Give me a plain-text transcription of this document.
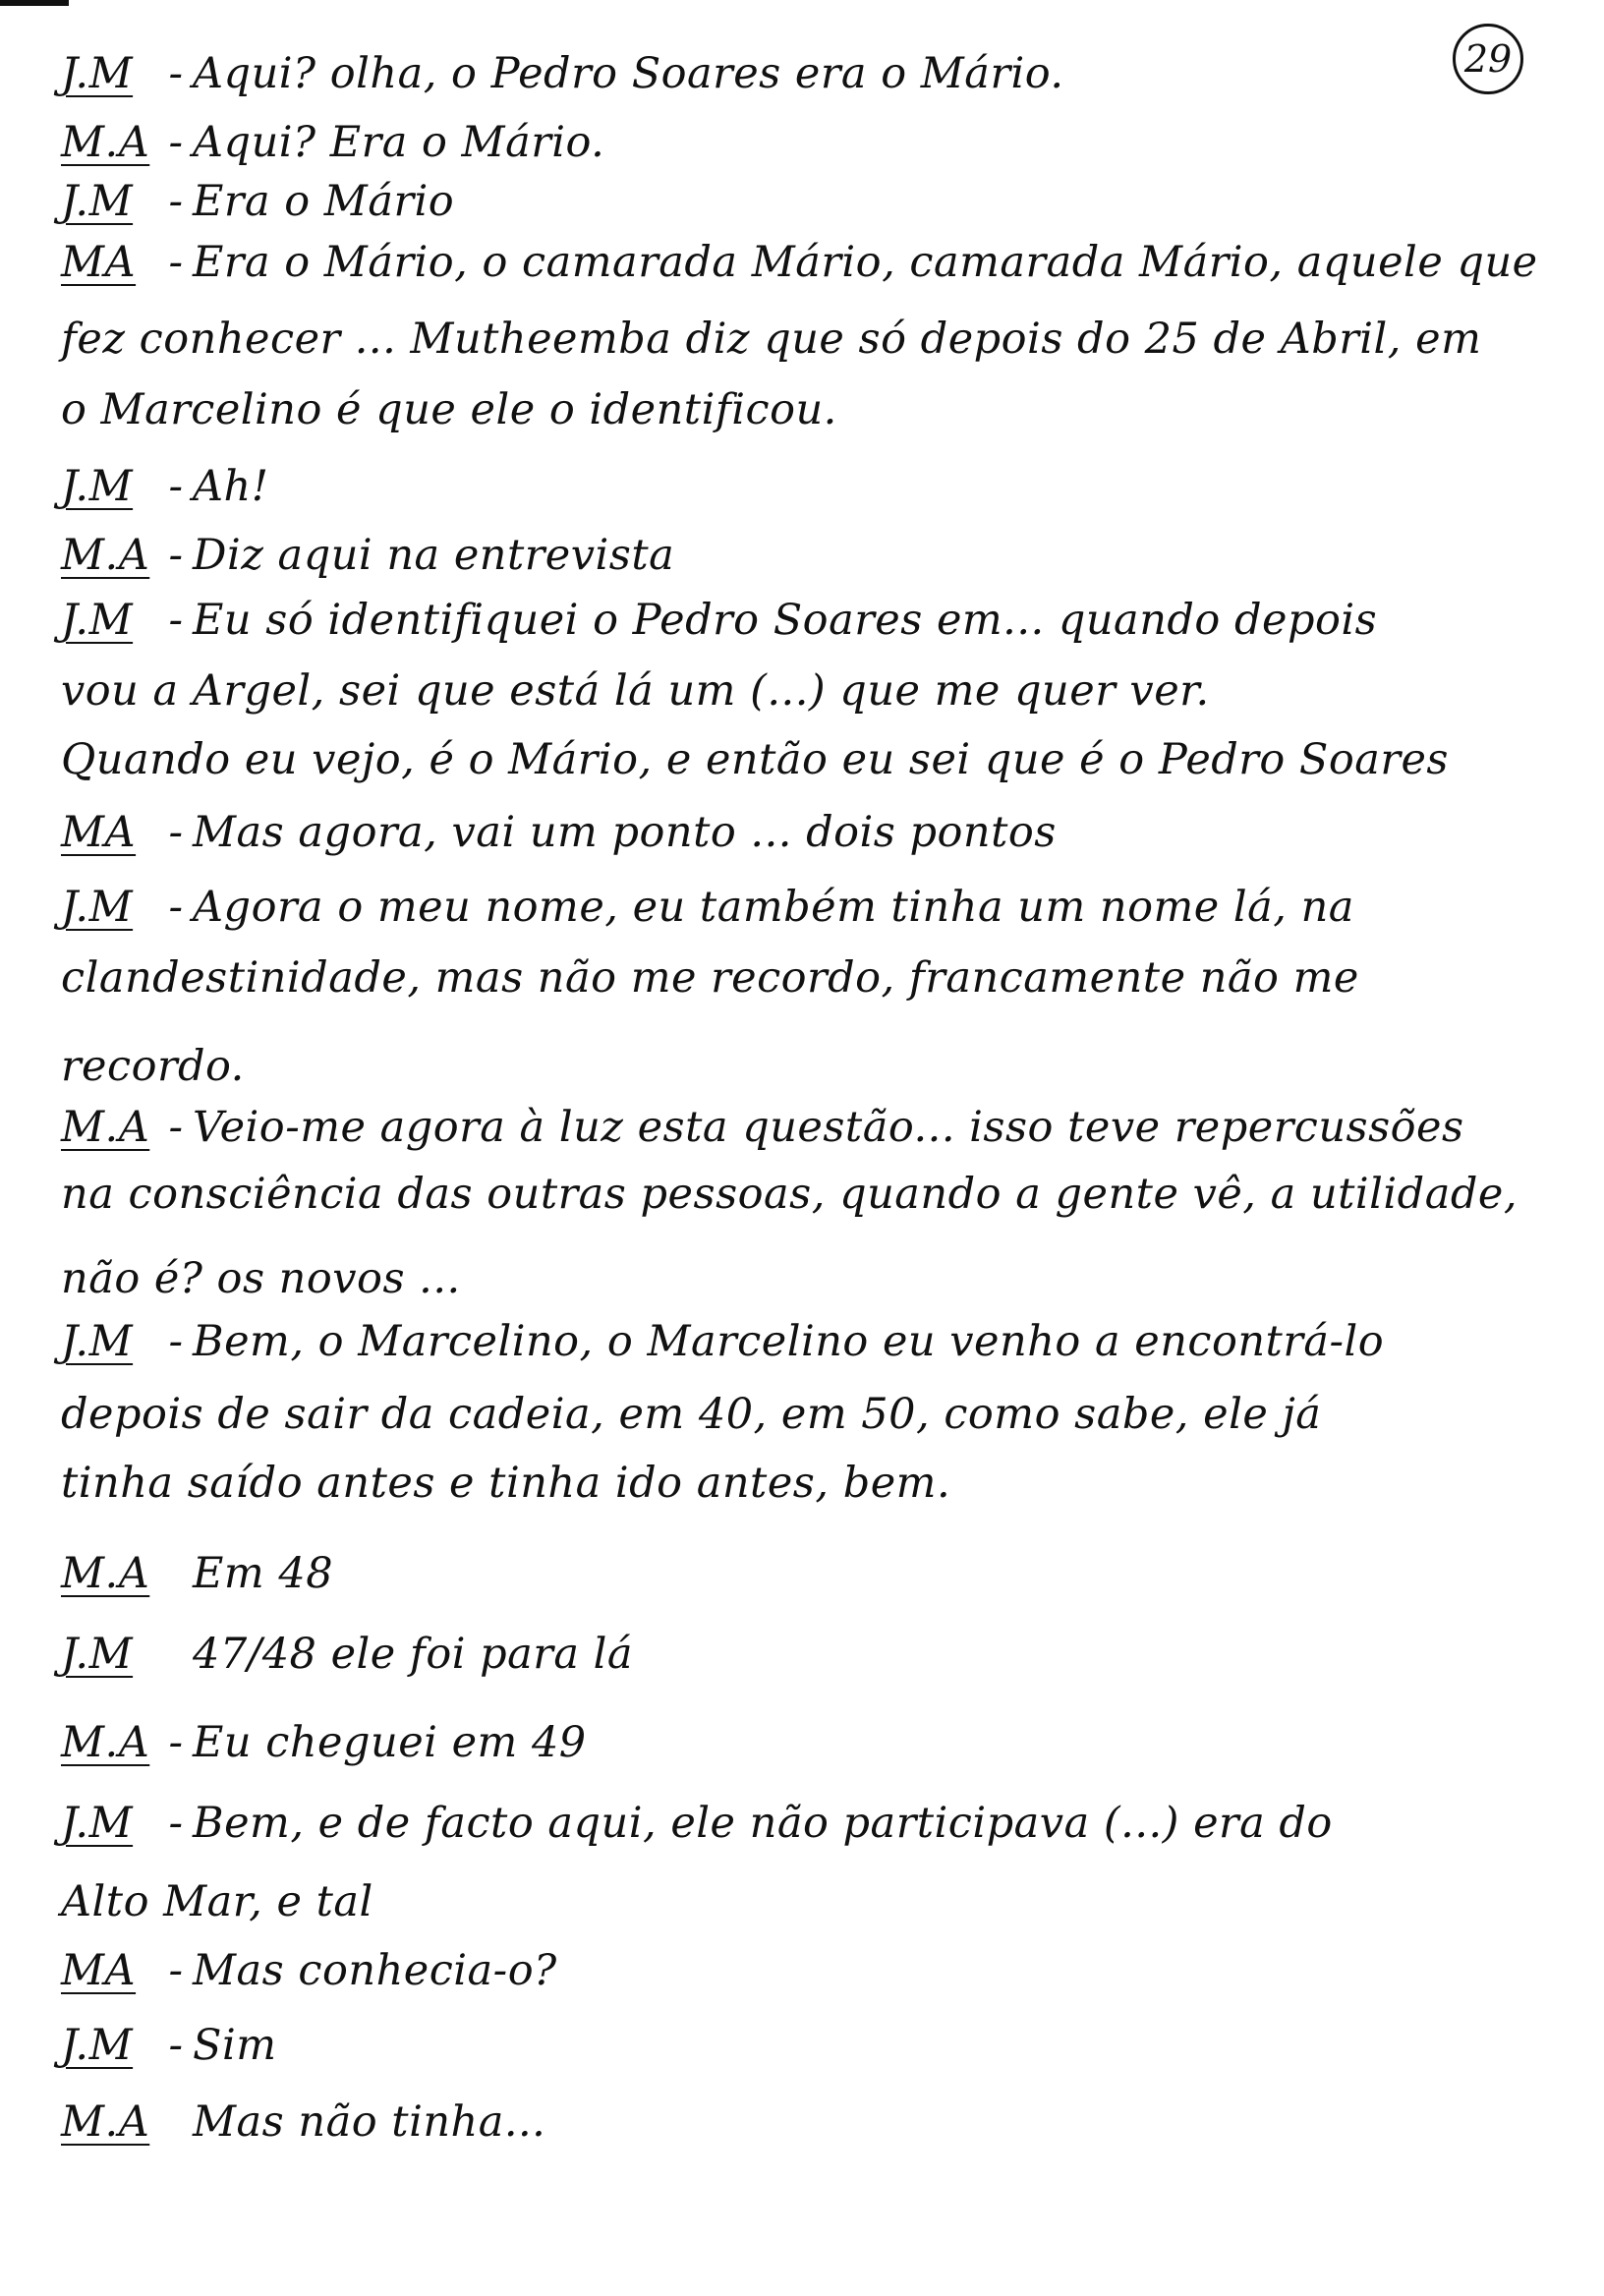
29
J.M - Aqui? olha, o Pedro Soares era o Mário.
M.A - Aqui? Era o Mário.
J.M - Era o Mário
MA - Era o Mário, o camarada Mário, camarada Mário, aquele que
fez conhecer ... Mutheemba diz que só depois do 25 de Abril, em
o Marcelino é que ele o identificou.
J.M - Ah!
M.A - Diz aqui na entrevista
J.M - Eu só identifiquei o Pedro Soares em... quando depois
vou a Argel, sei que está lá um (...) que me quer ver.
Quando eu vejo, é o Mário, e então eu sei que é o Pedro Soares
MA - Mas agora, vai um ponto ... dois pontos
J.M - Agora o meu nome, eu também tinha um nome lá, na
clandestinidade, mas não me recordo, francamente não me
recordo.
M.A - Veio-me agora à luz esta questão... isso teve repercussões
na consciência das outras pessoas, quando a gente vê, a utilidade,
não é? os novos ...
J.M - Bem, o Marcelino, o Marcelino eu venho a encontrá-lo
depois de sair da cadeia, em 40, em 50, como sabe, ele já
tinha saído antes e tinha ido antes, bem.
M.A Em 48
J.M	47/48 ele foi para lá
M.A - Eu cheguei em 49
J.M - Bem, e de facto aqui, ele não participava (...) era do
Alto Mar, e tal
MA - Mas conhecia-o?
J.M - Sim
M.A Mas não tinha...
